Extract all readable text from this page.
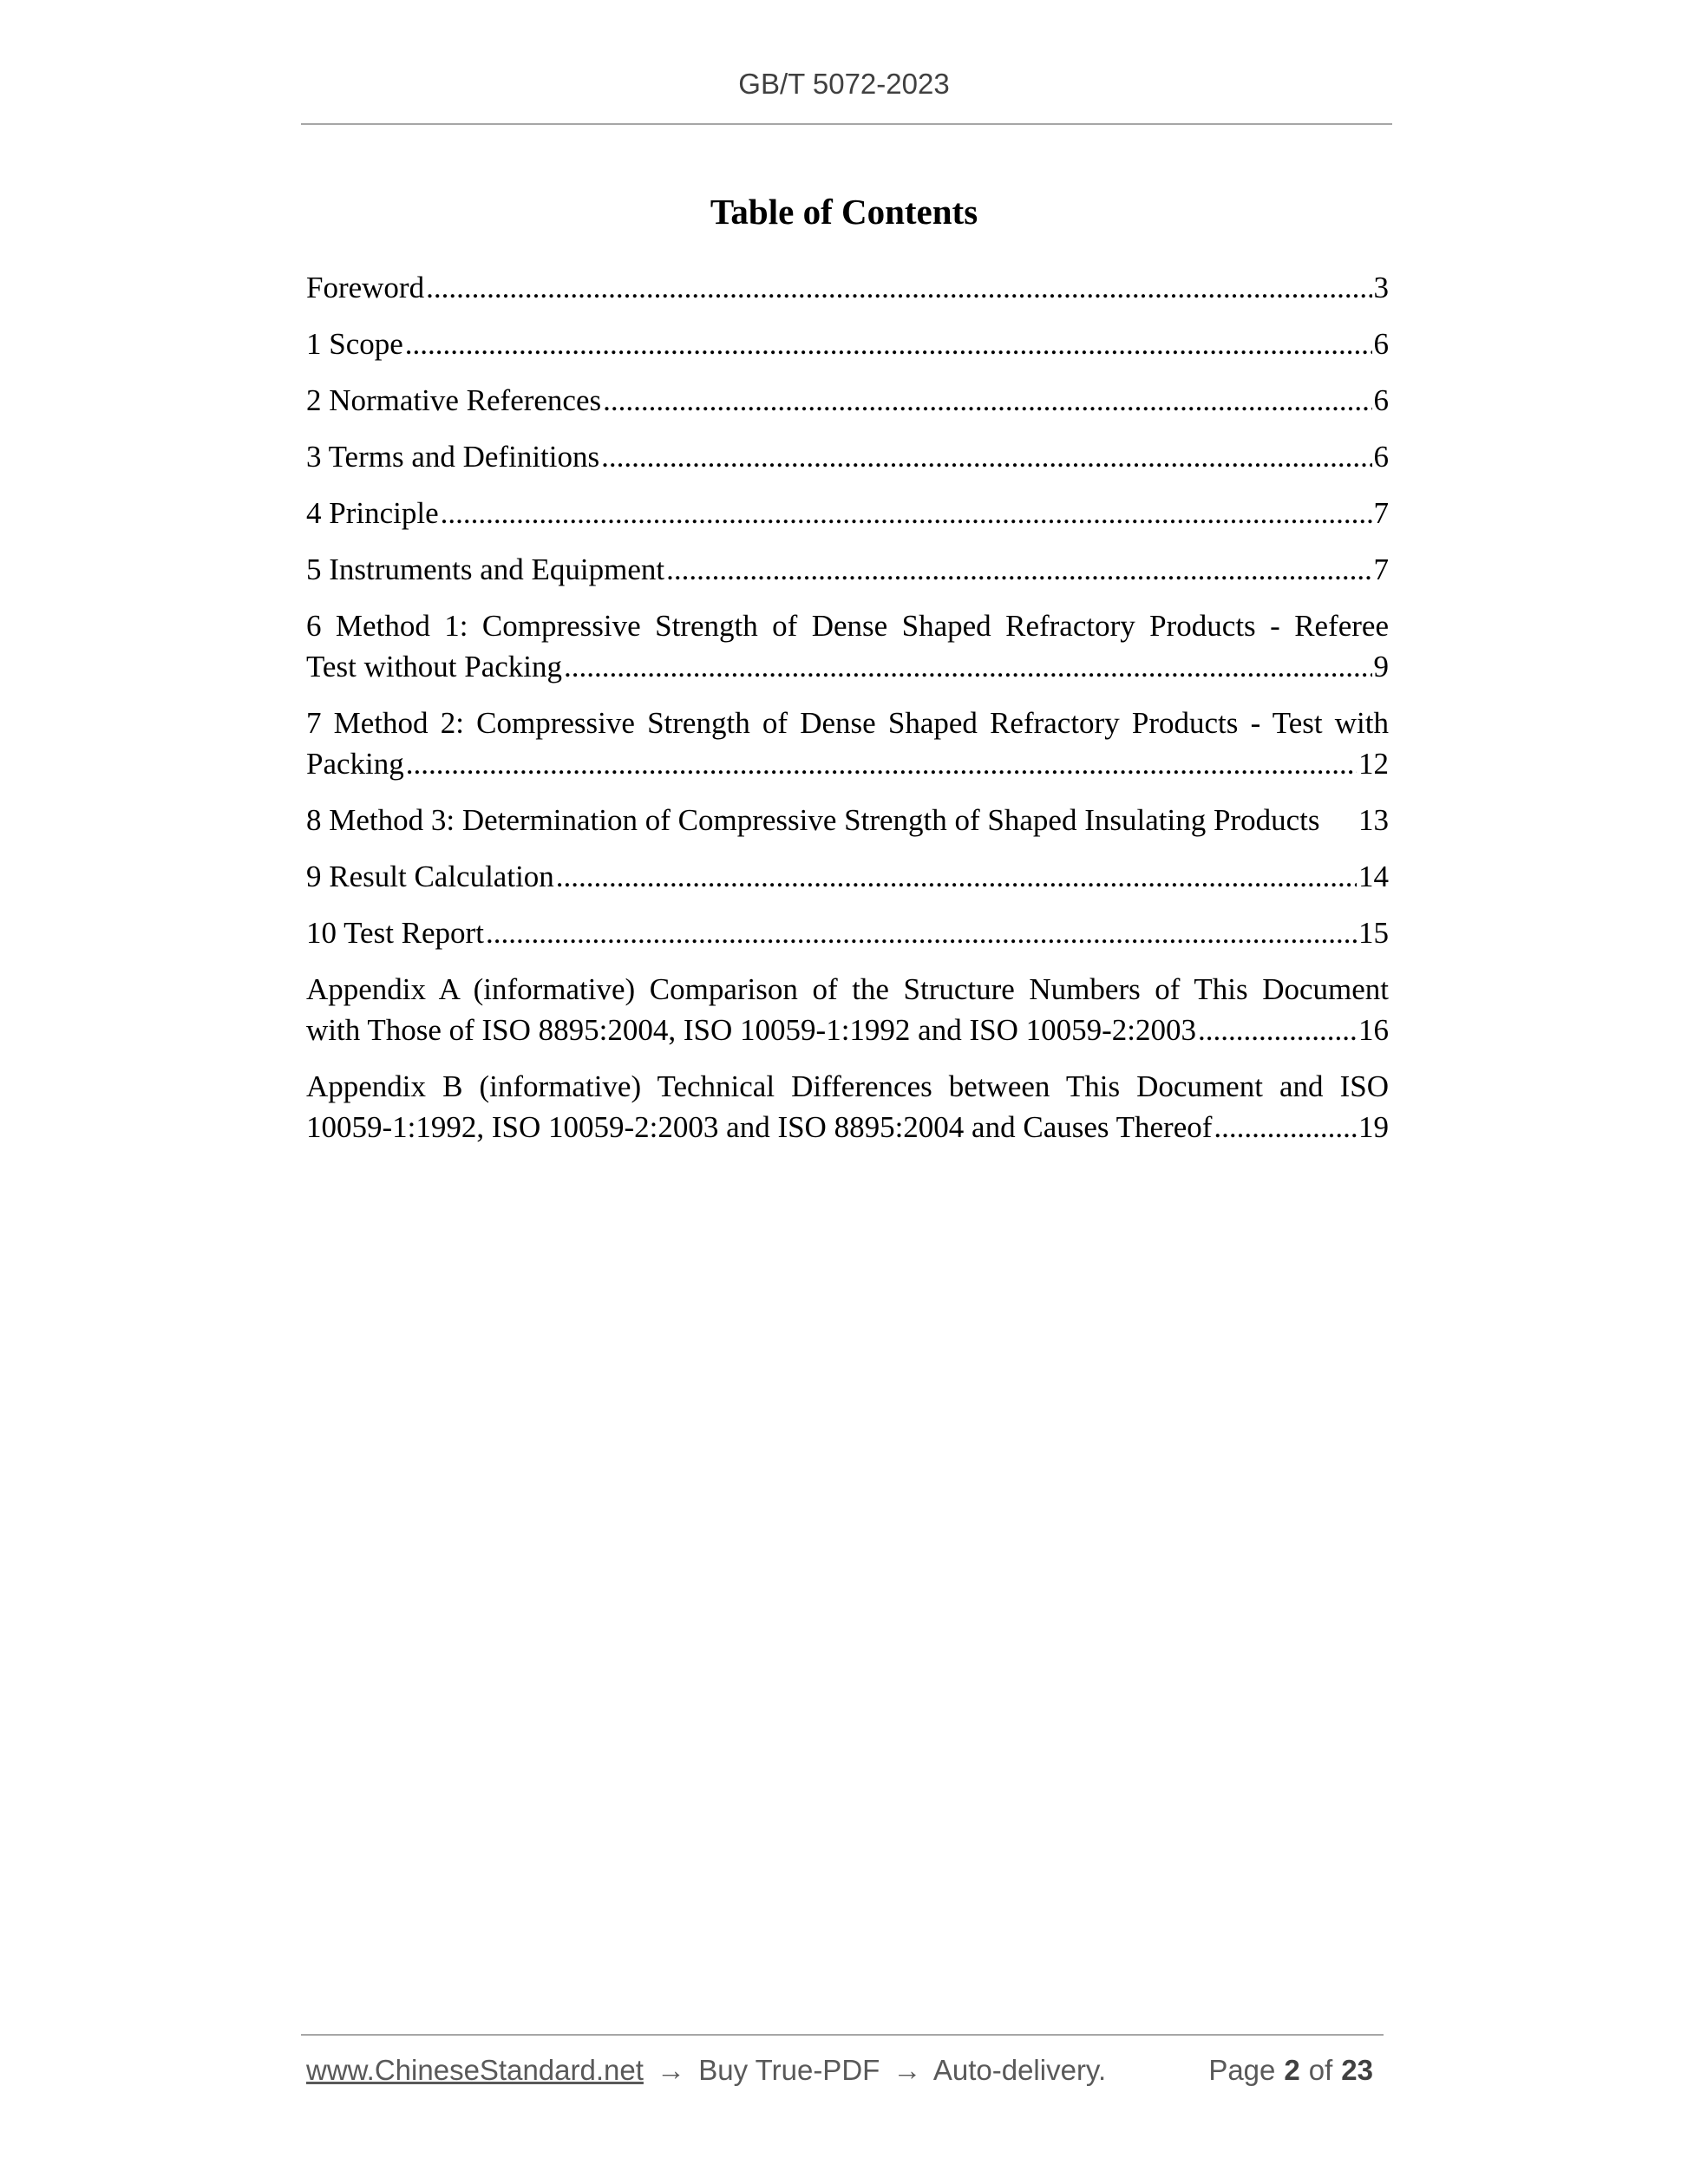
GB/T 5072-2023
Table of Contents
Foreword .....	3
1 Scope .....	6
2 Normative References .....	6
3 Terms and Definitions .....	6
4 Principle .....	7
5 Instruments and Equipment .....	7
6 Method 1: Compressive Strength of Dense Shaped Refractory Products - Referee
Test without Packing .....	9
7 Method 2: Compressive Strength of Dense Shaped Refractory Products - Test with
Packing .....	12
8 Method 3: Determination of Compressive Strength of Shaped Insulating Products 13
9 Result Calculation .....	14
10 Test Report .....	15
Appendix A (informative) Comparison of the Structure Numbers of This Document
with Those of ISO 8895:2004, ISO 10059-1:1992 and ISO 10059-2:2003 .....	16
Appendix B (informative) Technical Differences between This Document and ISO
10059-1:1992, ISO 10059-2:2003 and ISO 8895:2004 and Causes Thereof .....	19
www.ChineseStandard.net → Buy True-PDF → Auto-delivery.	Page 2 of 23
